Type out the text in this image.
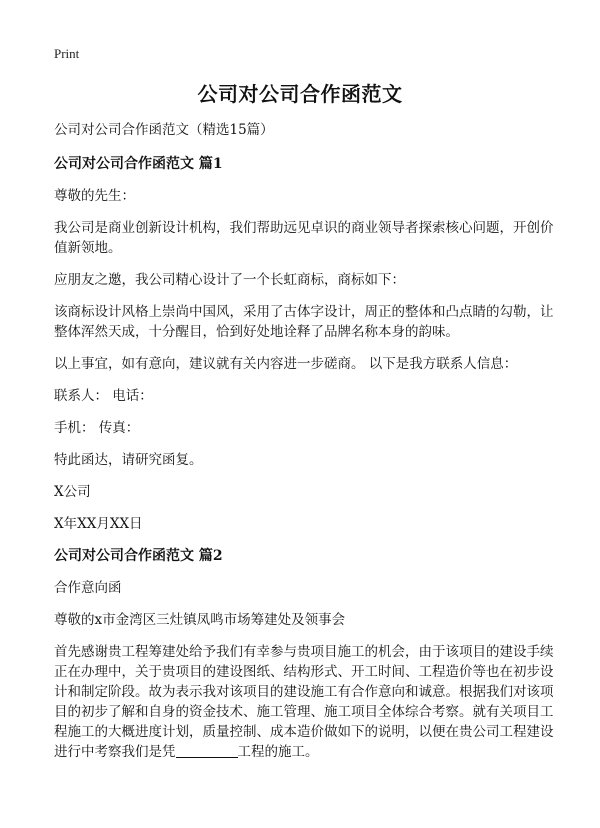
Print
公司对公司合作函范文

公司对公司合作函范文（精选15篇）

公司对公司合作函范文 篇1

尊敬的先生：

我公司是商业创新设计机构，我们帮助远见卓识的商业领导者探索核心问题，开创价值新领地。

应朋友之邀，我公司精心设计了一个长虹商标，商标如下：

该商标设计风格上崇尚中国风，采用了古体字设计，周正的整体和凸点睛的勾勒，让整体浑然天成，十分醒目，恰到好处地诠释了品牌名称本身的韵味。

以上事宜，如有意向，建议就有关内容进一步磋商。 以下是我方联系人信息：

联系人： 电话：

手机： 传真：

特此函达，请研究函复。

X公司

X年XX月XX日

公司对公司合作函范文 篇2

合作意向函

尊敬的x市金湾区三灶镇凤鸣市场筹建处及领事会

首先感谢贵工程筹建处给予我们有幸参与贵项目施工的机会，由于该项目的建设手续正在办理中，关于贵项目的建设图纸、结构形式、开工时间、工程造价等也在初步设计和制定阶段。故为表示我对该项目的建设施工有合作意向和诚意。根据我们对该项目的初步了解和自身的资金技术、施工管理、施工项目全体综合考察。就有关项目工程施工的大概进度计划，质量控制、成本造价做如下的说明，以便在贵公司工程建设进行中考察我们是凭	工程的施工。
